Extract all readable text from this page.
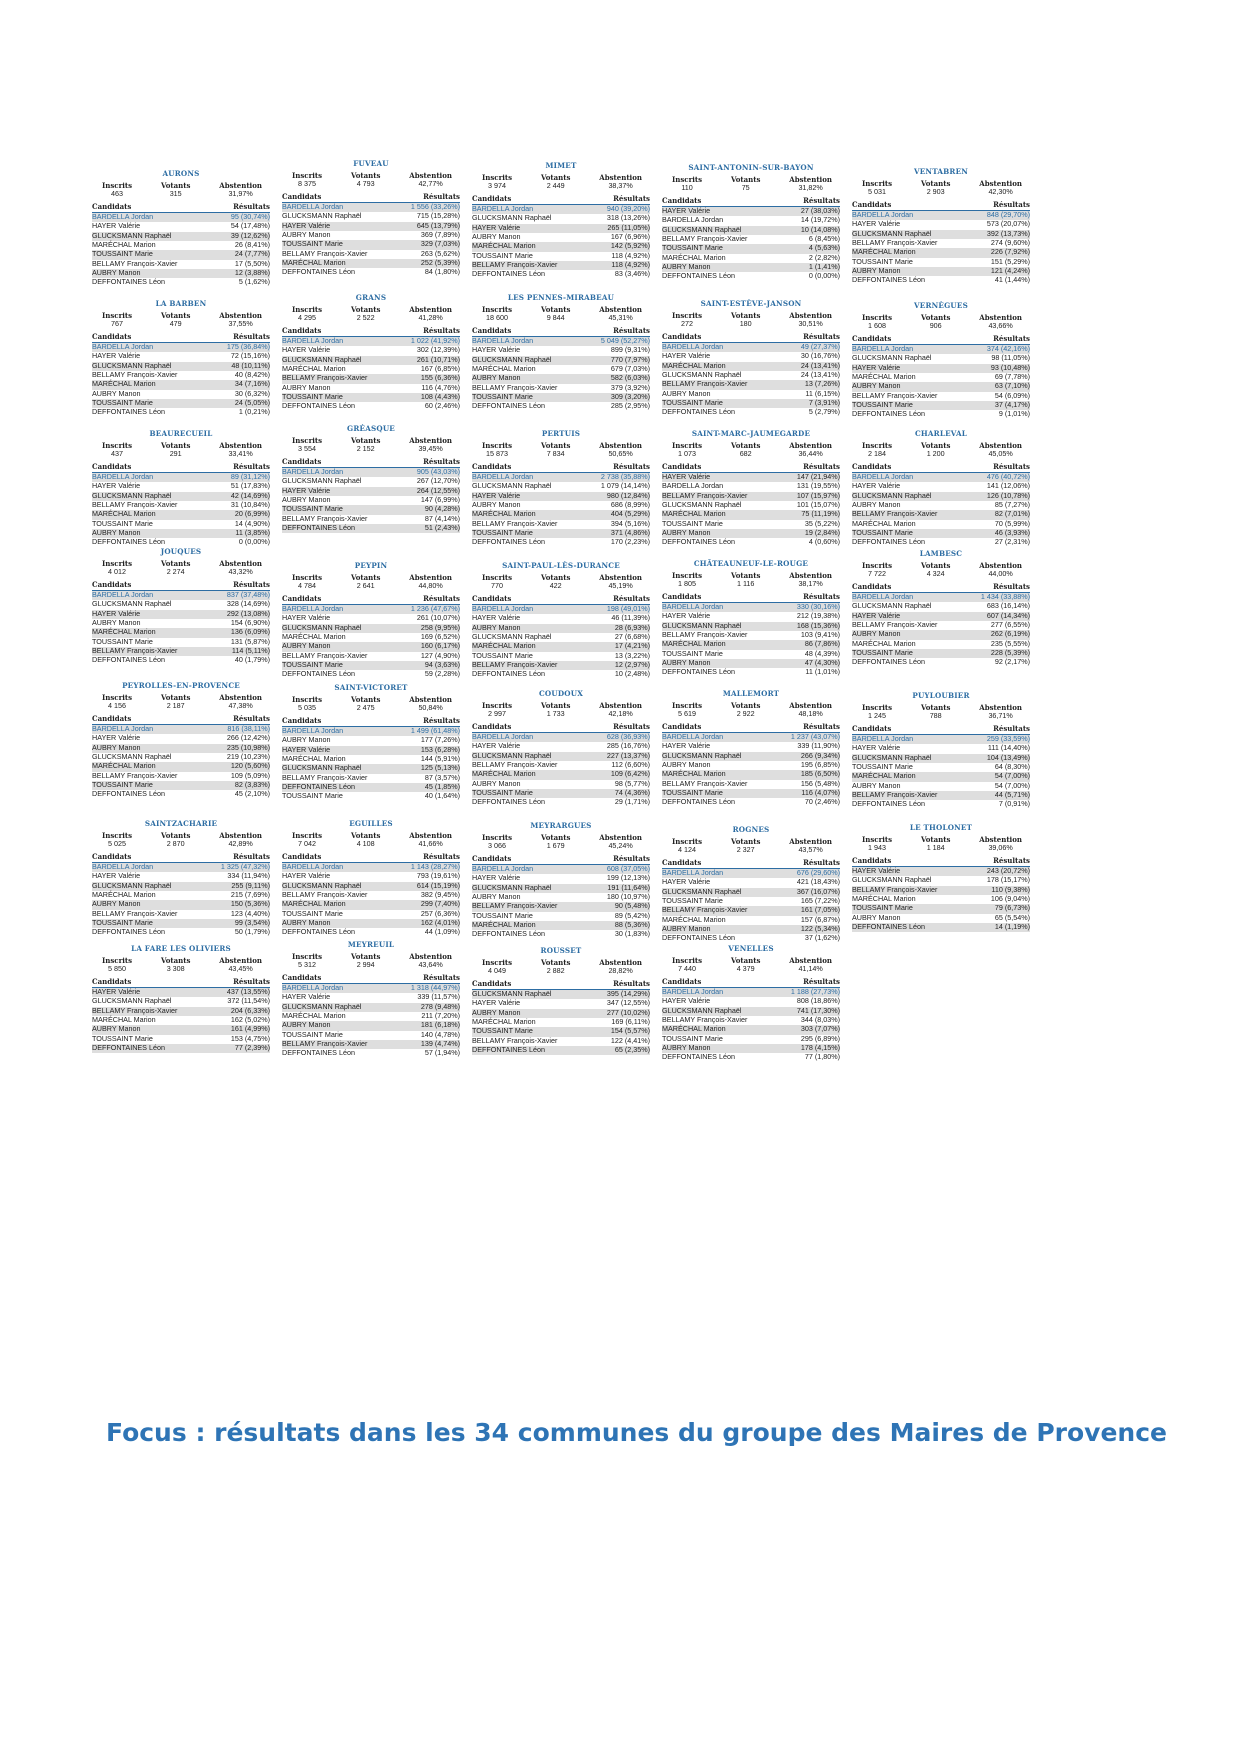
AURONS
Inscrits
463
Votants
315
Abstention
31,97%
Candidats	Résultats
BARDELLA Jordan	95 (30,74%)
HAYER Valérie	54 (17,48%)
GLUCKSMANN Raphaël	39 (12,62%)
MARÉCHAL Marion	26 (8,41%)
TOUSSAINT Marie	24 (7,77%)
BELLAMY François-Xavier	17 (5,50%)
AUBRY Manon	12 (3,88%)
DEFFONTAINES Léon	5 (1,62%)
FUVEAU
Inscrits
8 375
Votants
4 793
Abstention
42,77%
Candidats	Résultats
BARDELLA Jordan	1 556 (33,26%)
GLUCKSMANN Raphaël	715 (15,28%)
HAYER Valérie	645 (13,79%)
AUBRY Manon	369 (7,89%)
TOUSSAINT Marie	329 (7,03%)
BELLAMY François-Xavier	263 (5,62%)
MARÉCHAL Marion	252 (5,39%)
DEFFONTAINES Léon	84 (1,80%)
MIMET
Inscrits
3 974
Votants
2 449
Abstention
38,37%
Candidats	Résultats
BARDELLA Jordan	940 (39,20%)
GLUCKSMANN Raphaël	318 (13,26%)
HAYER Valérie	265 (11,05%)
AUBRY Manon	167 (6,96%)
MARÉCHAL Marion	142 (5,92%)
TOUSSAINT Marie	118 (4,92%)
BELLAMY François-Xavier	118 (4,92%)
DEFFONTAINES Léon	83 (3,46%)
SAINT-ANTONIN-SUR-BAYON
Inscrits
110
Votants
75
Abstention
31,82%
Candidats	Résultats
HAYER Valérie	27 (38,03%)
BARDELLA Jordan	14 (19,72%)
GLUCKSMANN Raphaël	10 (14,08%)
BELLAMY François-Xavier	6 (8,45%)
TOUSSAINT Marie	4 (5,63%)
MARÉCHAL Marion	2 (2,82%)
AUBRY Manon	1 (1,41%)
DEFFONTAINES Léon	0 (0,00%)
VENTABREN
Inscrits
5 031
Votants
2 903
Abstention
42,30%
Candidats	Résultats
BARDELLA Jordan	848 (29,70%)
HAYER Valérie	573 (20,07%)
GLUCKSMANN Raphaël	392 (13,73%)
BELLAMY François-Xavier	274 (9,60%)
MARÉCHAL Marion	226 (7,92%)
TOUSSAINT Marie	151 (5,29%)
AUBRY Manon	121 (4,24%)
DEFFONTAINES Léon	41 (1,44%)
LA BARBEN
Inscrits
767
Votants
479
Abstention
37,55%
Candidats	Résultats
BARDELLA Jordan	175 (36,84%)
HAYER Valérie	72 (15,16%)
GLUCKSMANN Raphaël	48 (10,11%)
BELLAMY François-Xavier	40 (8,42%)
MARÉCHAL Marion	34 (7,16%)
AUBRY Manon	30 (6,32%)
TOUSSAINT Marie	24 (5,05%)
DEFFONTAINES Léon	1 (0,21%)
GRANS
Inscrits
4 295
Votants
2 522
Abstention
41,28%
Candidats	Résultats
BARDELLA Jordan	1 022 (41,92%)
HAYER Valérie	302 (12,39%)
GLUCKSMANN Raphaël	261 (10,71%)
MARÉCHAL Marion	167 (6,85%)
BELLAMY François-Xavier	155 (6,36%)
AUBRY Manon	116 (4,76%)
TOUSSAINT Marie	108 (4,43%)
DEFFONTAINES Léon	60 (2,46%)
LES PENNES-MIRABEAU
Inscrits
18 600
Votants
9 844
Abstention
45,31%
Candidats	Résultats
BARDELLA Jordan	5 049 (52,27%)
HAYER Valérie	899 (9,31%)
GLUCKSMANN Raphaël	770 (7,97%)
MARÉCHAL Marion	679 (7,03%)
AUBRY Manon	582 (6,03%)
BELLAMY François-Xavier	379 (3,92%)
TOUSSAINT Marie	309 (3,20%)
DEFFONTAINES Léon	285 (2,95%)
SAINT-ESTÈVE-JANSON
Inscrits
272
Votants
180
Abstention
30,51%
Candidats	Résultats
BARDELLA Jordan	49 (27,37%)
HAYER Valérie	30 (16,76%)
MARÉCHAL Marion	24 (13,41%)
GLUCKSMANN Raphaël	24 (13,41%)
BELLAMY François-Xavier	13 (7,26%)
AUBRY Manon	11 (6,15%)
TOUSSAINT Marie	7 (3,91%)
DEFFONTAINES Léon	5 (2,79%)
VERNÈGUES
Inscrits
1 608
Votants
906
Abstention
43,66%
Candidats	Résultats
BARDELLA Jordan	374 (42,16%)
GLUCKSMANN Raphaël	98 (11,05%)
HAYER Valérie	93 (10,48%)
MARÉCHAL Marion	69 (7,78%)
AUBRY Manon	63 (7,10%)
BELLAMY François-Xavier	54 (6,09%)
TOUSSAINT Marie	37 (4,17%)
DEFFONTAINES Léon	9 (1,01%)
BEAURECUEIL
Inscrits
437
Votants
291
Abstention
33,41%
Candidats	Résultats
BARDELLA Jordan	89 (31,12%)
HAYER Valérie	51 (17,83%)
GLUCKSMANN Raphaël	42 (14,69%)
BELLAMY François-Xavier	31 (10,84%)
MARÉCHAL Marion	20 (6,99%)
TOUSSAINT Marie	14 (4,90%)
AUBRY Manon	11 (3,85%)
DEFFONTAINES Léon	0 (0,00%)
GRÉASQUE
Inscrits
3 554
Votants
2 152
Abstention
39,45%
Candidats	Résultats
BARDELLA Jordan	905 (43,03%)
GLUCKSMANN Raphaël	267 (12,70%)
HAYER Valérie	264 (12,55%)
AUBRY Manon	147 (6,99%)
TOUSSAINT Marie	90 (4,28%)
BELLAMY François-Xavier	87 (4,14%)
DEFFONTAINES Léon	51 (2,43%)
PERTUIS
Inscrits
15 873
Votants
7 834
Abstention
50,65%
Candidats	Résultats
BARDELLA Jordan	2 738 (35,88%)
GLUCKSMANN Raphaël	1 079 (14,14%)
HAYER Valérie	980 (12,84%)
AUBRY Manon	686 (8,99%)
MARÉCHAL Marion	404 (5,29%)
BELLAMY François-Xavier	394 (5,16%)
TOUSSAINT Marie	371 (4,86%)
DEFFONTAINES Léon	170 (2,23%)
SAINT-MARC-JAUMEGARDE
Inscrits
1 073
Votants
682
Abstention
36,44%
Candidats	Résultats
HAYER Valérie	147 (21,94%)
BARDELLA Jordan	131 (19,55%)
BELLAMY François-Xavier	107 (15,97%)
GLUCKSMANN Raphaël	101 (15,07%)
MARÉCHAL Marion	75 (11,19%)
TOUSSAINT Marie	35 (5,22%)
AUBRY Manon	19 (2,84%)
DEFFONTAINES Léon	4 (0,60%)
CHARLEVAL
Inscrits
2 184
Votants
1 200
Abstention
45,05%
Candidats	Résultats
BARDELLA Jordan	476 (40,72%)
HAYER Valérie	141 (12,06%)
GLUCKSMANN Raphaël	126 (10,78%)
AUBRY Manon	85 (7,27%)
BELLAMY François-Xavier	82 (7,01%)
MARÉCHAL Marion	70 (5,99%)
TOUSSAINT Marie	46 (3,93%)
DEFFONTAINES Léon	27 (2,31%)
JOUQUES
Inscrits
4 012
Votants
2 274
Abstention
43,32%
Candidats	Résultats
BARDELLA Jordan	837 (37,48%)
GLUCKSMANN Raphaël	328 (14,69%)
HAYER Valérie	292 (13,08%)
AUBRY Manon	154 (6,90%)
MARÉCHAL Marion	136 (6,09%)
TOUSSAINT Marie	131 (5,87%)
BELLAMY François-Xavier	114 (5,11%)
DEFFONTAINES Léon	40 (1,79%)
PEYPIN
Inscrits
4 784
Votants
2 641
Abstention
44,80%
Candidats	Résultats
BARDELLA Jordan	1 236 (47,67%)
HAYER Valérie	261 (10,07%)
GLUCKSMANN Raphaël	258 (9,95%)
MARÉCHAL Marion	169 (6,52%)
AUBRY Manon	160 (6,17%)
BELLAMY François-Xavier	127 (4,90%)
TOUSSAINT Marie	94 (3,63%)
DEFFONTAINES Léon	59 (2,28%)
SAINT-PAUL-LÈS-DURANCE
Inscrits
770
Votants
422
Abstention
45,19%
Candidats	Résultats
BARDELLA Jordan	198 (49,01%)
HAYER Valérie	46 (11,39%)
AUBRY Manon	28 (6,93%)
GLUCKSMANN Raphaël	27 (6,68%)
MARÉCHAL Marion	17 (4,21%)
TOUSSAINT Marie	13 (3,22%)
BELLAMY François-Xavier	12 (2,97%)
DEFFONTAINES Léon	10 (2,48%)
CHÂTEAUNEUF-LE-ROUGE
Inscrits
1 805
Votants
1 116
Abstention
38,17%
Candidats	Résultats
BARDELLA Jordan	330 (30,16%)
HAYER Valérie	212 (19,38%)
GLUCKSMANN Raphaël	168 (15,36%)
BELLAMY François-Xavier	103 (9,41%)
MARÉCHAL Marion	86 (7,86%)
TOUSSAINT Marie	48 (4,39%)
AUBRY Manon	47 (4,30%)
DEFFONTAINES Léon	11 (1,01%)
LAMBESC
Inscrits
7 722
Votants
4 324
Abstention
44,00%
Candidats	Résultats
BARDELLA Jordan	1 434 (33,88%)
GLUCKSMANN Raphaël	683 (16,14%)
HAYER Valérie	607 (14,34%)
BELLAMY François-Xavier	277 (6,55%)
AUBRY Manon	262 (6,19%)
MARÉCHAL Marion	235 (5,55%)
TOUSSAINT Marie	228 (5,39%)
DEFFONTAINES Léon	92 (2,17%)
PEYROLLES-EN-PROVENCE
Inscrits
4 156
Votants
2 187
Abstention
47,38%
Candidats	Résultats
BARDELLA Jordan	816 (38,11%)
HAYER Valérie	266 (12,42%)
AUBRY Manon	235 (10,98%)
GLUCKSMANN Raphaël	219 (10,23%)
MARÉCHAL Marion	120 (5,60%)
BELLAMY François-Xavier	109 (5,09%)
TOUSSAINT Marie	82 (3,83%)
DEFFONTAINES Léon	45 (2,10%)
SAINT-VICTORET
Inscrits
5 035
Votants
2 475
Abstention
50,84%
Candidats	Résultats
BARDELLA Jordan	1 499 (61,48%)
AUBRY Manon	177 (7,26%)
HAYER Valérie	153 (6,28%)
MARÉCHAL Marion	144 (5,91%)
GLUCKSMANN Raphaël	125 (5,13%)
BELLAMY François-Xavier	87 (3,57%)
DEFFONTAINES Léon	45 (1,85%)
TOUSSAINT Marie	40 (1,64%)
COUDOUX
Inscrits
2 997
Votants
1 733
Abstention
42,18%
Candidats	Résultats
BARDELLA Jordan	628 (36,93%)
HAYER Valérie	285 (16,76%)
GLUCKSMANN Raphaël	227 (13,37%)
BELLAMY François-Xavier	112 (6,60%)
MARÉCHAL Marion	109 (6,42%)
AUBRY Manon	98 (5,77%)
TOUSSAINT Marie	74 (4,36%)
DEFFONTAINES Léon	29 (1,71%)
MALLEMORT
Inscrits
5 619
Votants
2 922
Abstention
48,18%
Candidats	Résultats
BARDELLA Jordan	1 237 (43,07%)
HAYER Valérie	339 (11,90%)
GLUCKSMANN Raphaël	266 (9,34%)
AUBRY Manon	195 (6,85%)
MARÉCHAL Marion	185 (6,50%)
BELLAMY François-Xavier	156 (5,48%)
TOUSSAINT Marie	116 (4,07%)
DEFFONTAINES Léon	70 (2,46%)
PUYLOUBIER
Inscrits
1 245
Votants
788
Abstention
36,71%
Candidats	Résultats
BARDELLA Jordan	259 (33,59%)
HAYER Valérie	111 (14,40%)
GLUCKSMANN Raphaël	104 (13,49%)
TOUSSAINT Marie	64 (8,30%)
MARÉCHAL Marion	54 (7,00%)
AUBRY Manon	54 (7,00%)
BELLAMY François-Xavier	44 (5,71%)
DEFFONTAINES Léon	7 (0,91%)
SAINTZACHARIE
Inscrits
5 025
Votants
2 870
Abstention
42,89%
Candidats	Résultats
BARDELLA Jordan	1 325 (47,32%)
HAYER Valérie	334 (11,94%)
GLUCKSMANN Raphaël	255 (9,11%)
MARÉCHAL Marion	215 (7,69%)
AUBRY Manon	150 (5,36%)
BELLAMY François-Xavier	123 (4,40%)
TOUSSAINT Marie	99 (3,54%)
DEFFONTAINES Léon	50 (1,79%)
EGUILLES
Inscrits
7 042
Votants
4 108
Abstention
41,66%
Candidats	Résultats
BARDELLA Jordan	1 143 (28,27%)
HAYER Valérie	793 (19,61%)
GLUCKSMANN Raphaël	614 (15,19%)
BELLAMY François-Xavier	382 (9,45%)
MARÉCHAL Marion	299 (7,40%)
TOUSSAINT Marie	257 (6,36%)
AUBRY Manon	162 (4,01%)
DEFFONTAINES Léon	44 (1,09%)
MEYRARGUES
Inscrits
3 066
Votants
1 679
Abstention
45,24%
Candidats	Résultats
BARDELLA Jordan	608 (37,05%)
HAYER Valérie	199 (12,13%)
GLUCKSMANN Raphaël	191 (11,64%)
AUBRY Manon	180 (10,97%)
BELLAMY François-Xavier	90 (5,48%)
TOUSSAINT Marie	89 (5,42%)
MARÉCHAL Marion	88 (5,36%)
DEFFONTAINES Léon	30 (1,83%)
ROGNES
Inscrits
4 124
Votants
2 327
Abstention
43,57%
Candidats	Résultats
BARDELLA Jordan	676 (29,60%)
HAYER Valérie	421 (18,43%)
GLUCKSMANN Raphaël	367 (16,07%)
TOUSSAINT Marie	165 (7,22%)
BELLAMY François-Xavier	161 (7,05%)
MARÉCHAL Marion	157 (6,87%)
AUBRY Manon	122 (5,34%)
DEFFONTAINES Léon	37 (1,62%)
LE THOLONET
Inscrits
1 943
Votants
1 184
Abstention
39,06%
Candidats	Résultats
HAYER Valérie	243 (20,72%)
GLUCKSMANN Raphaël	178 (15,17%)
BELLAMY François-Xavier	110 (9,38%)
MARÉCHAL Marion	106 (9,04%)
TOUSSAINT Marie	79 (6,73%)
AUBRY Manon	65 (5,54%)
DEFFONTAINES Léon	14 (1,19%)
LA FARE LES OLIVIERS
Inscrits
5 850
Votants
3 308
Abstention
43,45%
Candidats	Résultats
HAYER Valérie	437 (13,55%)
GLUCKSMANN Raphaël	372 (11,54%)
BELLAMY François-Xavier	204 (6,33%)
MARÉCHAL Marion	162 (5,02%)
AUBRY Manon	161 (4,99%)
TOUSSAINT Marie	153 (4,75%)
DEFFONTAINES Léon	77 (2,39%)
MEYREUIL
Inscrits
5 312
Votants
2 994
Abstention
43,64%
Candidats	Résultats
BARDELLA Jordan	1 318 (44,97%)
HAYER Valérie	339 (11,57%)
GLUCKSMANN Raphaël	278 (9,48%)
MARÉCHAL Marion	211 (7,20%)
AUBRY Manon	181 (6,18%)
TOUSSAINT Marie	140 (4,78%)
BELLAMY François-Xavier	139 (4,74%)
DEFFONTAINES Léon	57 (1,94%)
ROUSSET
Inscrits
4 049
Votants
2 882
Abstention
28,82%
Candidats	Résultats
GLUCKSMANN Raphaël	395 (14,29%)
HAYER Valérie	347 (12,55%)
AUBRY Manon	277 (10,02%)
MARÉCHAL Marion	169 (6,11%)
TOUSSAINT Marie	154 (5,57%)
BELLAMY François-Xavier	122 (4,41%)
DEFFONTAINES Léon	65 (2,35%)
VENELLES
Inscrits
7 440
Votants
4 379
Abstention
41,14%
Candidats	Résultats
BARDELLA Jordan	1 188 (27,73%)
HAYER Valérie	808 (18,86%)
GLUCKSMANN Raphaël	741 (17,30%)
BELLAMY François-Xavier	344 (8,03%)
MARÉCHAL Marion	303 (7,07%)
TOUSSAINT Marie	295 (6,89%)
AUBRY Manon	178 (4,15%)
DEFFONTAINES Léon	77 (1,80%)
Focus : résultats dans les 34 communes du groupe des Maires de Provence
